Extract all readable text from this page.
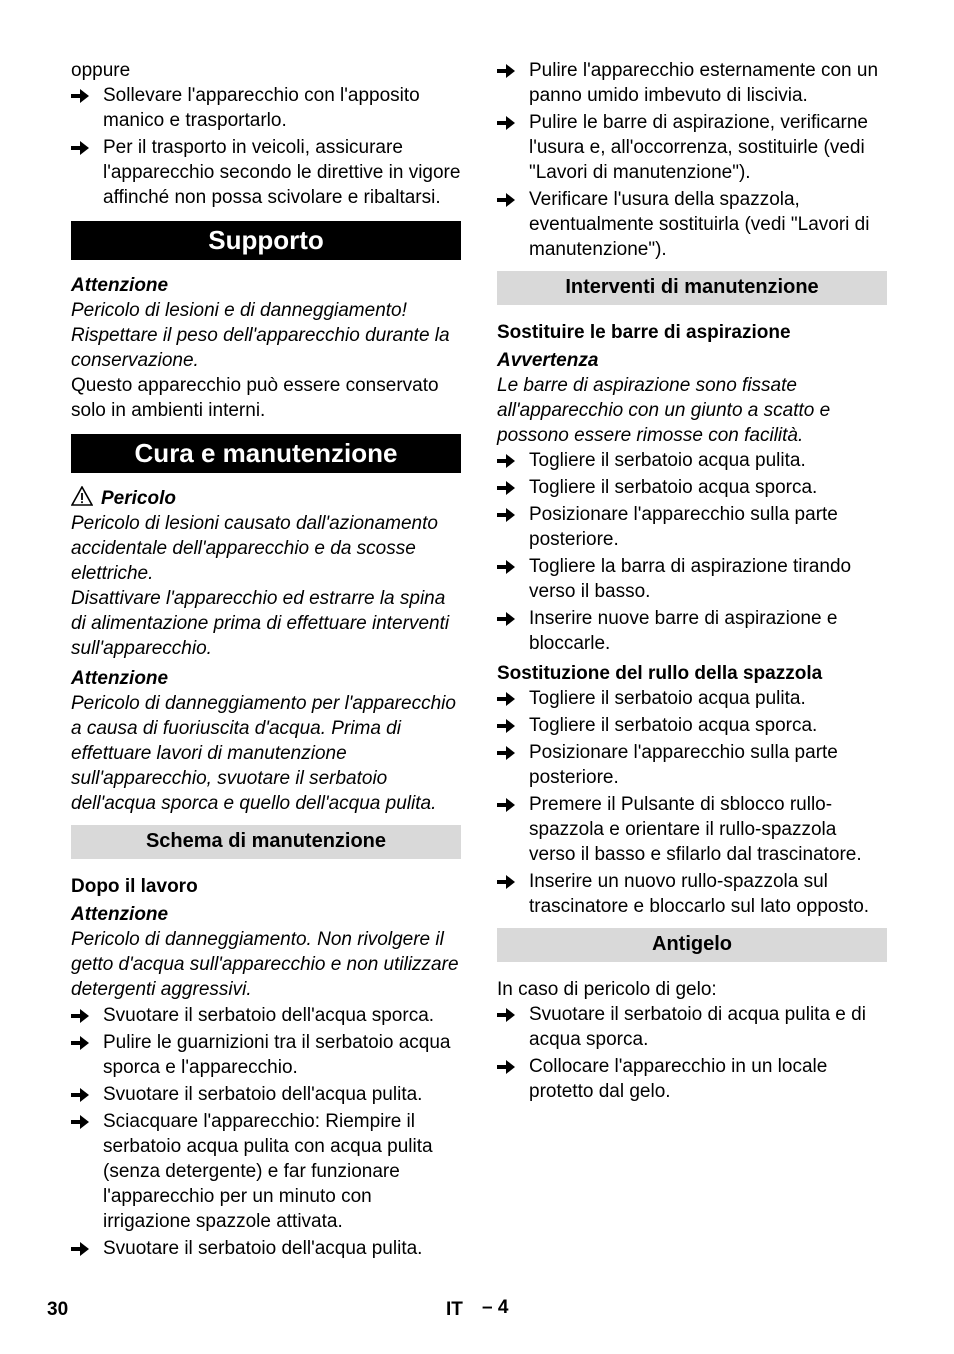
oppure

Sollevare l'apparecchio con l'apposito manico e trasportarlo.
Per il trasporto in veicoli, assicurare l'apparecchio secondo le direttive in vigore affinché non possa scivolare e ribaltarsi.
Supporto

Attenzione

Pericolo di lesioni e di danneggiamento! Rispettare il peso dell'apparecchio durante la conservazione.

Questo apparecchio può essere conservato solo in ambienti interni.

Cura e manutenzione

Pericolo

Pericolo di lesioni causato dall'azionamento accidentale dell'apparecchio e da scosse elettriche.

Disattivare l'apparecchio ed estrarre la spina di alimentazione prima di effettuare interventi sull'apparecchio.

Attenzione

Pericolo di danneggiamento per l'apparecchio a causa di fuoriuscita d'acqua. Prima di effettuare lavori di manutenzione sull'apparecchio, svuotare il serbatoio dell'acqua sporca e quello dell'acqua pulita.

Schema di manutenzione

Dopo il lavoro

Attenzione

Pericolo di danneggiamento. Non rivolgere il getto d'acqua sull'apparecchio e non utilizzare detergenti aggressivi.

Svuotare il serbatoio dell'acqua sporca.
Pulire le guarnizioni tra il serbatoio acqua sporca e l'apparecchio.
Svuotare il serbatoio dell'acqua pulita.
Sciacquare l'apparecchio: Riempire il serbatoio acqua pulita con acqua pulita (senza detergente) e far funzionare l'apparecchio per un minuto con irrigazione spazzole attivata.
Svuotare il serbatoio dell'acqua pulita.
Pulire l'apparecchio esternamente con un panno umido imbevuto di liscivia.
Pulire le barre di aspirazione, verificarne l'usura e, all'occorrenza, sostituirle (vedi "Lavori di manutenzione").
Verificare l'usura della spazzola, eventualmente sostituirla (vedi "Lavori di manutenzione").
Interventi di manutenzione

Sostituire le barre di aspirazione

Avvertenza

Le barre di aspirazione sono fissate all'apparecchio con un giunto a scatto e possono essere rimosse con facilità.

Togliere il serbatoio acqua pulita.
Togliere il serbatoio acqua sporca.
Posizionare l'apparecchio sulla parte posteriore.
Togliere la barra di aspirazione tirando verso il basso.
Inserire nuove barre di aspirazione e bloccarle.

Sostituzione del rullo della spazzola

Togliere il serbatoio acqua pulita.
Togliere il serbatoio acqua sporca.
Posizionare l'apparecchio sulla parte posteriore.
Premere il Pulsante di sblocco rullo-spazzola e orientare il rullo-spazzola verso il basso e sfilarlo dal trascinatore.
Inserire un nuovo rullo-spazzola sul trascinatore e bloccarlo sul lato opposto.
Antigelo

In caso di pericolo di gelo:

Svuotare il serbatoio di acqua pulita e di acqua sporca.
Collocare l'apparecchio in un locale protetto dal gelo.
30	IT – 4
